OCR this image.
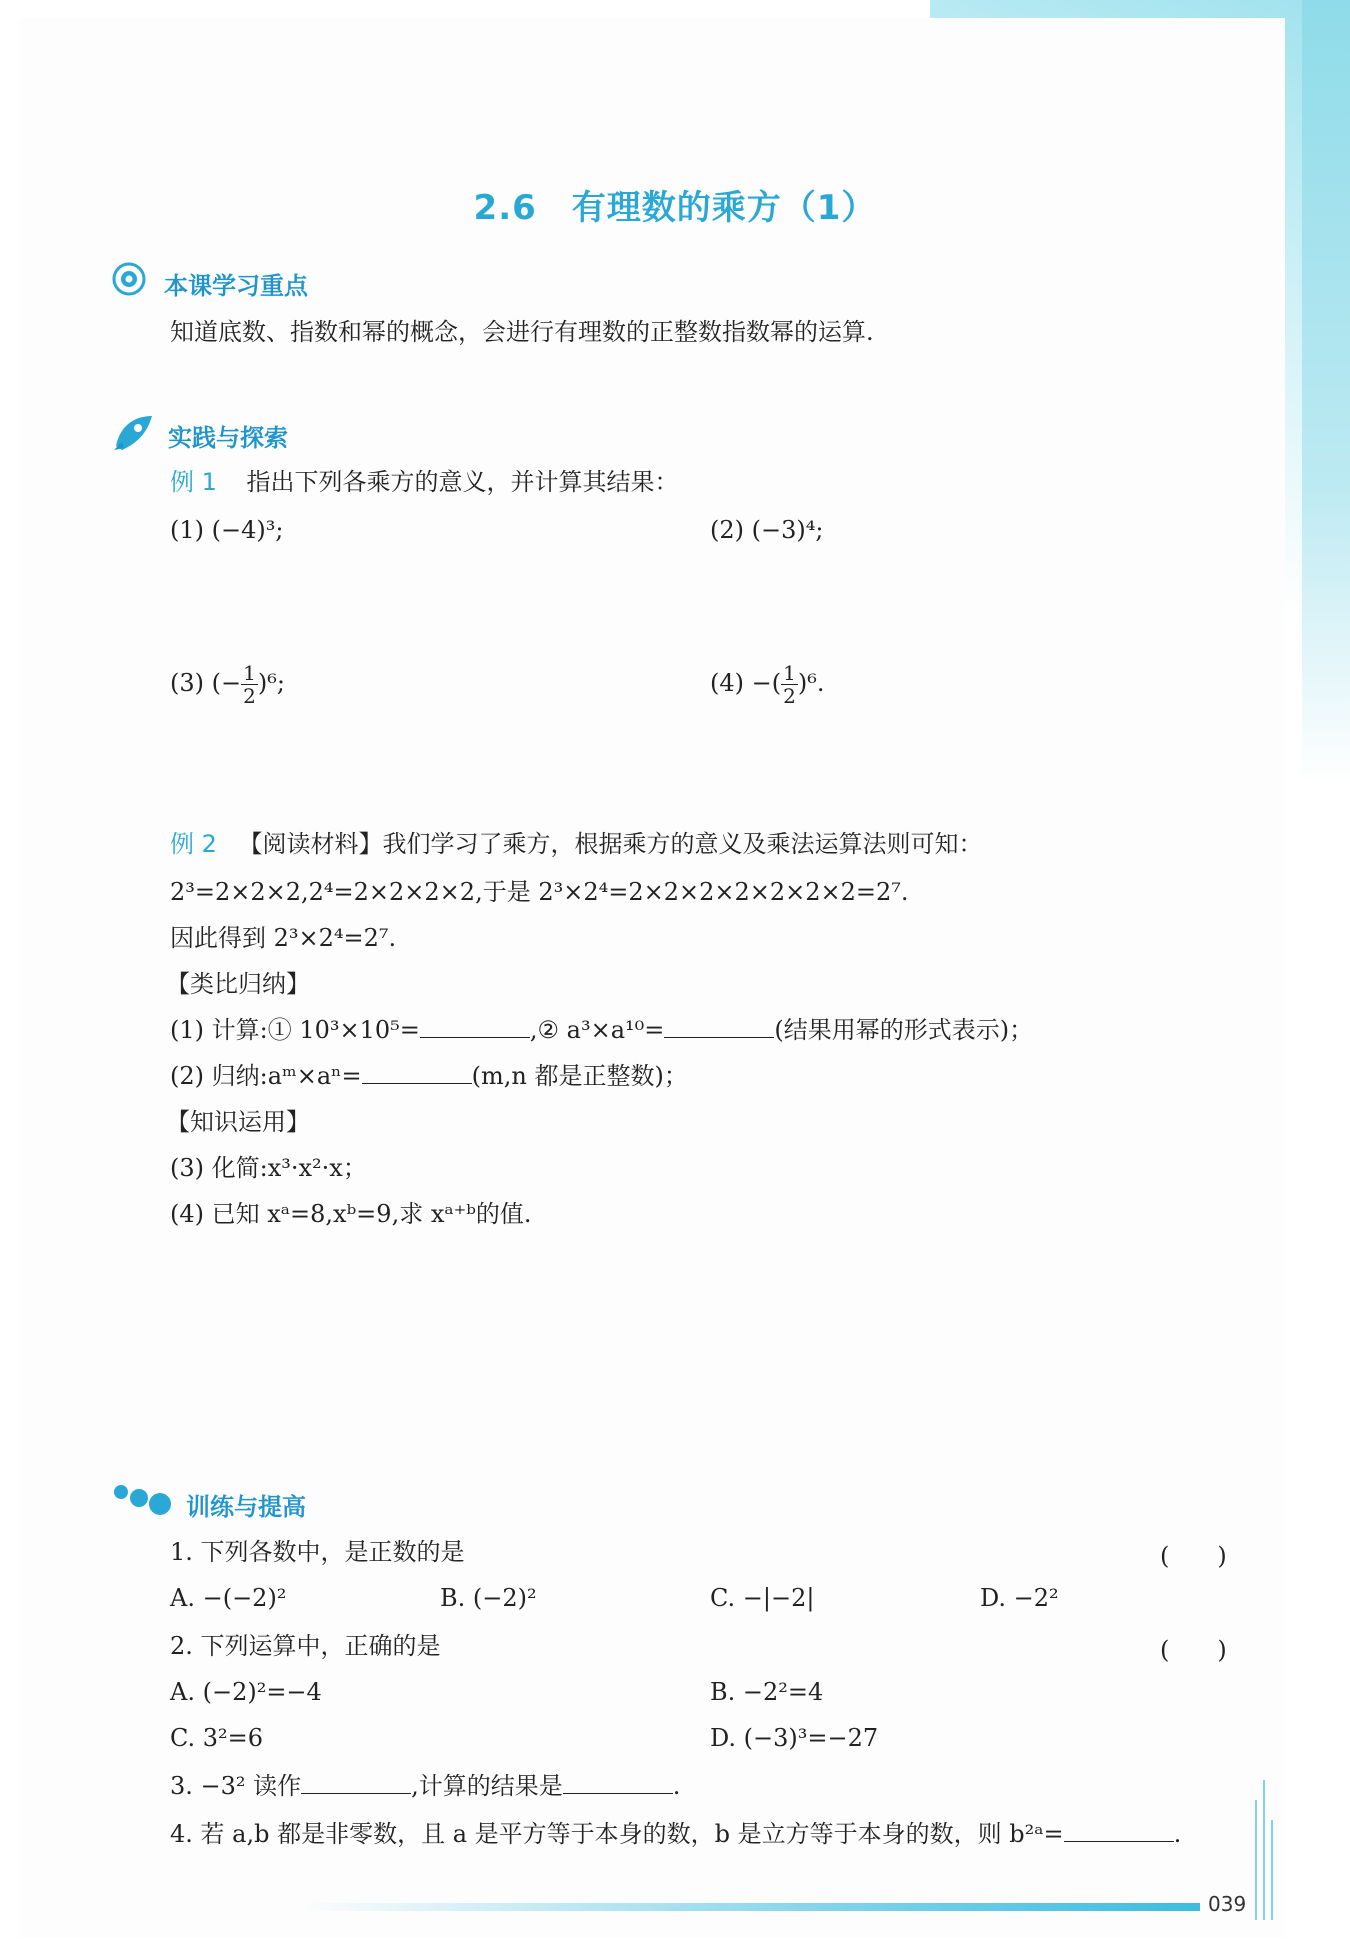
2.6　有理数的乘方（1）
本课学习重点
知道底数、指数和幂的概念，会进行有理数的正整数指数幂的运算.
实践与探索
例 1 指出下列各乘方的意义，并计算其结果：
(1) (−4)³;	(2) (−3)⁴;
(3) (− $\frac{1}{2} )^6$;	(4) −( $\frac{1}{2} )^6$.
例 2 【阅读材料】我们学习了乘方，根据乘方的意义及乘法运算法则可知：
2³=2×2×2,2⁴=2×2×2×2,于是 2³×2⁴=2×2×2×2×2×2×2=2⁷.
因此得到 2³×2⁴=2⁷.
【类比归纳】
(1) 计算:① 10³×10⁵=	,② a³×a¹⁰=	(结果用幂的形式表示)；
(2) 归纳:aᵐ×aⁿ=	(m,n 都是正整数)；
【知识运用】
(3) 化简:x³·x²·x；
(4) 已知 xᵃ=8,xᵇ=9,求 xᵃ⁺ᵇ的值.
训练与提高
1. 下列各数中，是正数的是	(　　)
A. −(−2)²	B. (−2)²	C. −|−2|	D. −2²
2. 下列运算中，正确的是	(　　)
A. (−2)²=−4	B. −2²=4
C. 3²=6	D. (−3)³=−27
3. −3² 读作	,计算的结果是	.
4. 若 a,b 都是非零数，且 a 是平方等于本身的数，b 是立方等于本身的数，则 b²ᵃ=	.
039
